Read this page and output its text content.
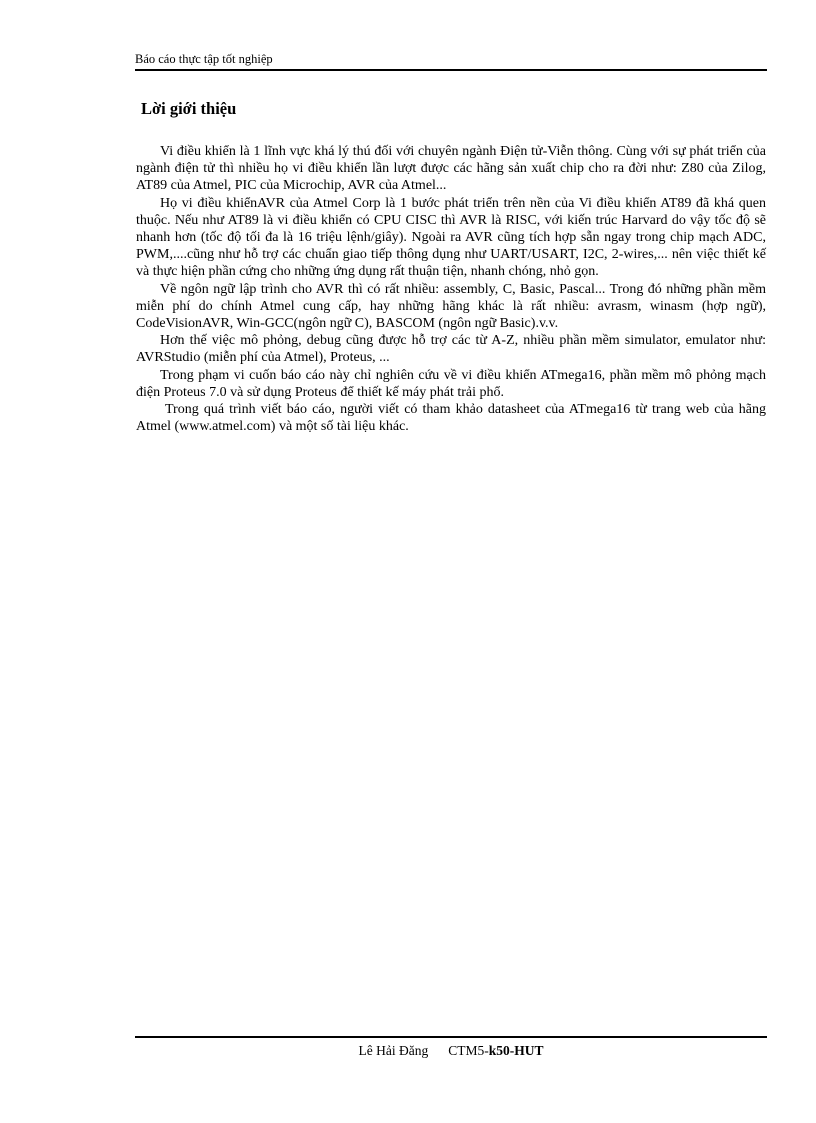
Báo cáo thực tập tốt nghiệp
Lời giới thiệu

Vi điều khiển là 1 lĩnh vực khá lý thú đối với chuyên ngành Điện tử-Viễn thông. Cùng với sự phát triển của ngành điện tử thì nhiều họ vi điều khiển lần lượt được các hãng sản xuất chip cho ra đời như: Z80 của Zilog, AT89 của Atmel, PIC của Microchip, AVR của Atmel...

Họ vi điều khiểnAVR của Atmel Corp là 1 bước phát triển trên nền của Vi điều khiển AT89 đã khá quen thuộc. Nếu như AT89 là vi điều khiển có CPU CISC thì AVR là RISC, với kiến trúc Harvard do vậy tốc độ sẽ nhanh hơn (tốc độ tối đa là 16 triệu lệnh/giây). Ngoài ra AVR cũng tích hợp sẵn ngay trong chip mạch ADC, PWM,....cũng như hỗ trợ các chuẩn giao tiếp thông dụng như UART/USART, I2C, 2-wires,... nên việc thiết kế và thực hiện phần cứng cho những ứng dụng rất thuận tiện, nhanh chóng, nhỏ gọn.

Về ngôn ngữ lập trình cho AVR thì có rất nhiều: assembly, C, Basic, Pascal... Trong đó những phần mềm miễn phí do chính Atmel cung cấp, hay những hãng khác là rất nhiều: avrasm, winasm (hợp ngữ), CodeVisionAVR, Win-GCC(ngôn ngữ C), BASCOM (ngôn ngữ Basic).v.v.

Hơn thế việc mô phỏng, debug cũng được hỗ trợ các từ A-Z, nhiều phần mềm simulator, emulator như: AVRStudio (miễn phí của Atmel), Proteus, ...

Trong phạm vi cuốn báo cáo này chỉ nghiên cứu về vi điều khiển ATmega16, phần mềm mô phỏng mạch điện Proteus 7.0 và sử dụng Proteus để thiết kế máy phát trải phổ.

Trong quá trình viết báo cáo, người viết có tham khảo datasheet của ATmega16 từ trang web của hãng Atmel (www.atmel.com) và một số tài liệu khác.

Lê Hải Đăng CTM5-k50-HUT
